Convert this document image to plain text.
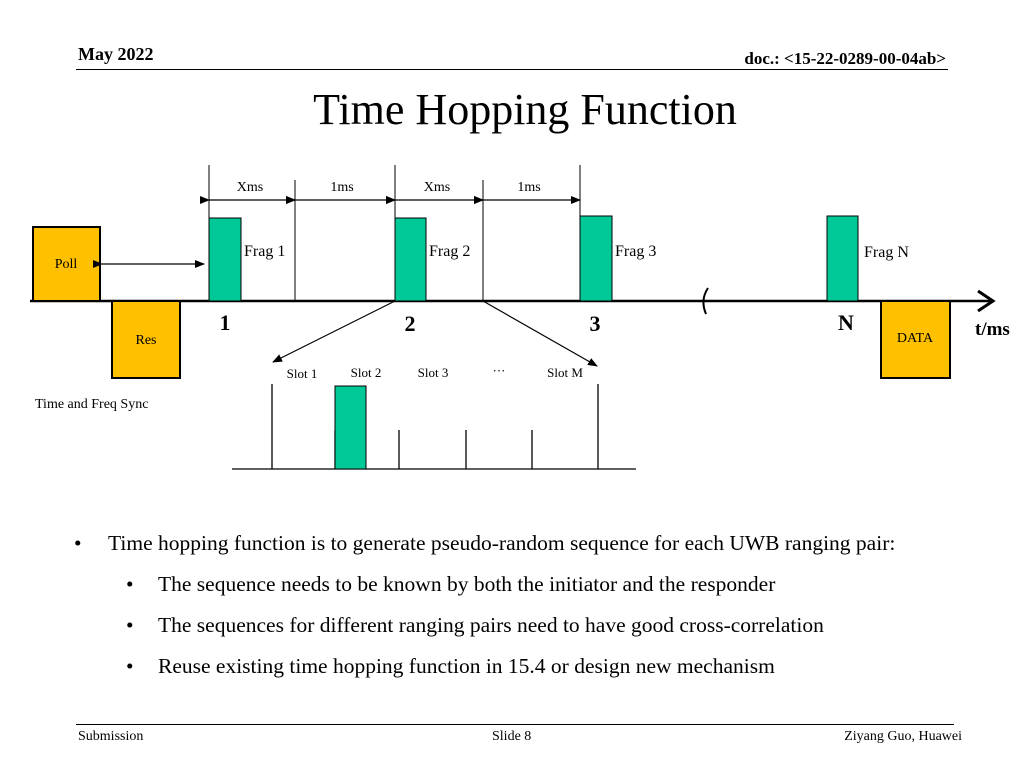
May 2022	doc.: <15-22-0289-00-04ab>
Time Hopping Function
Poll
Res	DATA
Time and Freq Sync
Frag 1	Frag 2	Frag 3	Frag N
Xms	1ms	Xms	1ms
1	2	3	N	t/ms
Slot 1	Slot 2	Slot 3	···	Slot M
• Time hopping function is to generate pseudo-random sequence for each UWB ranging pair:
• The sequence needs to be known by both the initiator and the responder
• The sequences for different ranging pairs need to have good cross-correlation
• Reuse existing time hopping function in 15.4 or design new mechanism
Submission	Slide 8	Ziyang Guo, Huawei
